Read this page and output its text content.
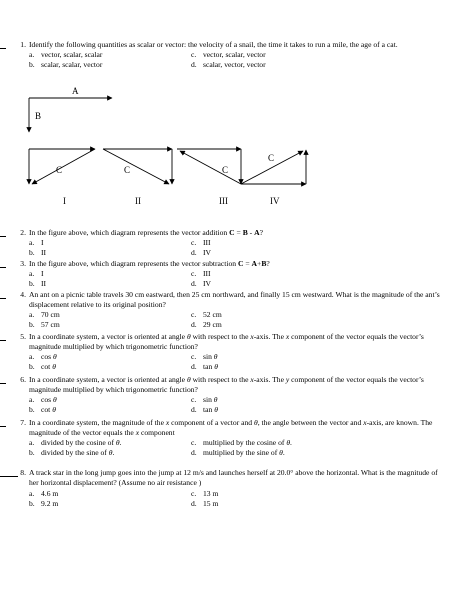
1. Identify the following quantities as scalar or vector: the velocity of a snail, the time it takes to run a mile, the age of a cat.
a. vector, scalar, scalar	c. vector, scalar, vector
b. scalar, scalar, vector	d. scalar, vector, vector
A
B
C
I
C
II
C
III
C
IV
2. In the figure above, which diagram represents the vector addition C = B - A?
a. I	c. III
b. II	d. IV
3. In the figure above, which diagram represents the vector subtraction C = A+B?
a. I	c. III
b. II	d. IV
4. An ant on a picnic table travels 30 cm eastward, then 25 cm northward, and finally 15 cm westward. What is the magnitude of the ant’s displacement relative to its original position?
a. 70 cm	c. 52 cm
b. 57 cm	d. 29 cm
5. In a coordinate system, a vector is oriented at angle θ with respect to the x-axis. The x component of the vector equals the vector’s magnitude multiplied by which trigonometric function?
a. cos θ	c. sin θ
b. cot θ	d. tan θ
6. In a coordinate system, a vector is oriented at angle θ with respect to the x-axis. The y component of the vector equals the vector’s magnitude multiplied by which trigonometric function?
a. cos θ	c. sin θ
b. cot θ	d. tan θ
7. In a coordinate system, the magnitude of the x component of a vector and θ, the angle between the vector and x-axis, are known. The magnitude of the vector equals the x component
a. divided by the cosine of θ.	c. multiplied by the cosine of θ.
b. divided by the sine of θ.	d. multiplied by the sine of θ.
8. A track star in the long jump goes into the jump at 12 m/s and launches herself at 20.0° above the horizontal. What is the magnitude of her horizontal displacement? (Assume no air resistance )
a. 4.6 m	c. 13 m
b. 9.2 m	d. 15 m
